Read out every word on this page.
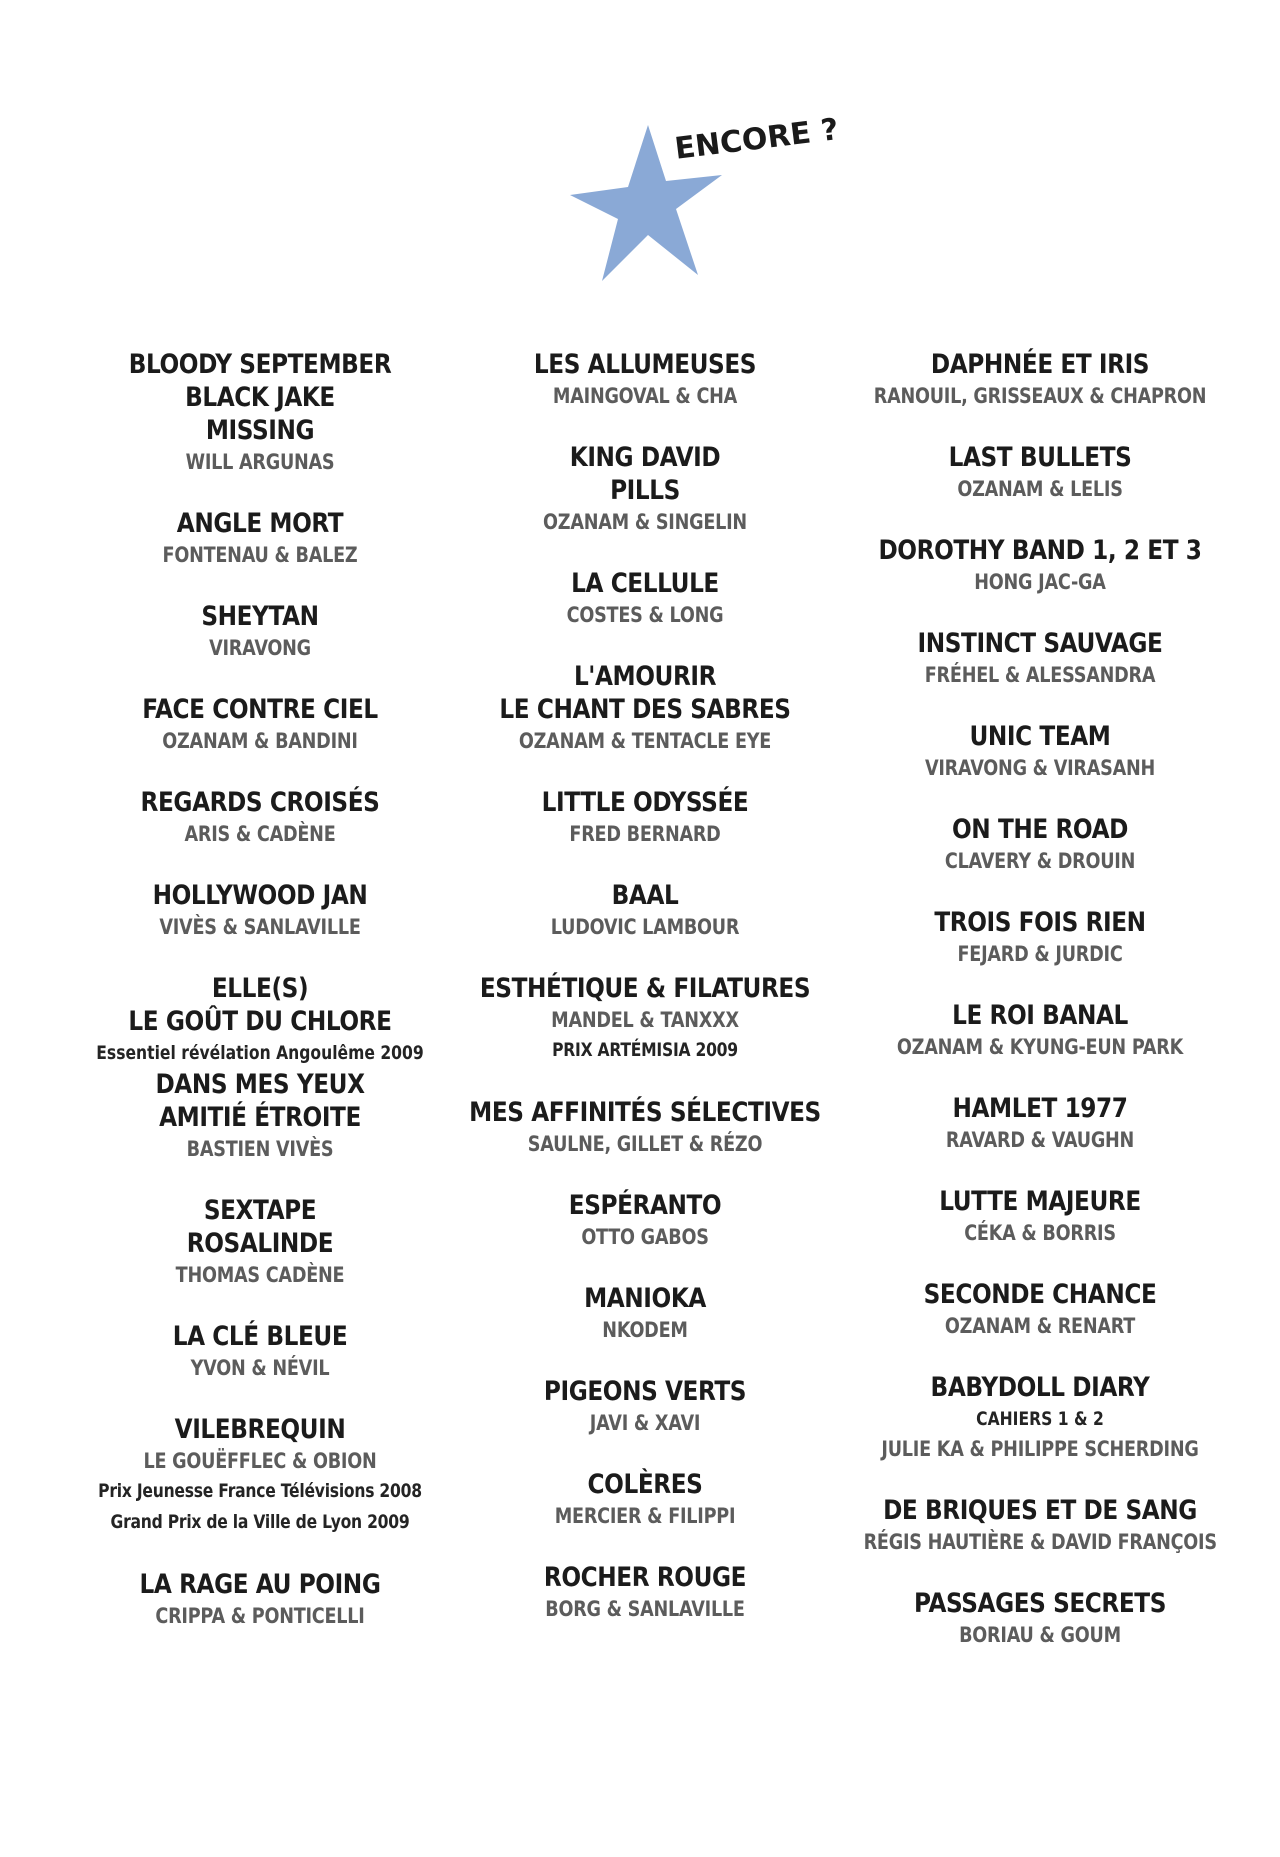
ENCORE ?
BLOODY SEPTEMBER
BLACK JAKE
MISSING
WILL ARGUNAS
ANGLE MORT
FONTENAU & BALEZ
SHEYTAN
VIRAVONG
FACE CONTRE CIEL
OZANAM & BANDINI
REGARDS CROISÉS
ARIS & CADÈNE
HOLLYWOOD JAN
VIVÈS & SANLAVILLE
ELLE(S)
LE GOÛT DU CHLORE
Essentiel révélation Angoulême 2009
DANS MES YEUX
AMITIÉ ÉTROITE
BASTIEN VIVÈS
SEXTAPE
ROSALINDE
THOMAS CADÈNE
LA CLÉ BLEUE
YVON & NÉVIL
VILEBREQUIN
LE GOUËFFLEC & OBION
Prix Jeunesse France Télévisions 2008
Grand Prix de la Ville de Lyon 2009
LA RAGE AU POING
CRIPPA & PONTICELLI
LES ALLUMEUSES
MAINGOVAL & CHA
KING DAVID
PILLS
OZANAM & SINGELIN
LA CELLULE
COSTES & LONG
L'AMOURIR
LE CHANT DES SABRES
OZANAM & TENTACLE EYE
LITTLE ODYSSÉE
FRED BERNARD
BAAL
LUDOVIC LAMBOUR
ESTHÉTIQUE & FILATURES
MANDEL & TANXXX
PRIX ARTÉMISIA 2009
MES AFFINITÉS SÉLECTIVES
SAULNE, GILLET & RÉZO
ESPÉRANTO
OTTO GABOS
MANIOKA
NKODEM
PIGEONS VERTS
JAVI & XAVI
COLÈRES
MERCIER & FILIPPI
ROCHER ROUGE
BORG & SANLAVILLE
DAPHNÉE ET IRIS
RANOUIL, GRISSEAUX & CHAPRON
LAST BULLETS
OZANAM & LELIS
DOROTHY BAND 1, 2 ET 3
HONG JAC-GA
INSTINCT SAUVAGE
FRÉHEL & ALESSANDRA
UNIC TEAM
VIRAVONG & VIRASANH
ON THE ROAD
CLAVERY & DROUIN
TROIS FOIS RIEN
FEJARD & JURDIC
LE ROI BANAL
OZANAM & KYUNG-EUN PARK
HAMLET 1977
RAVARD & VAUGHN
LUTTE MAJEURE
CÉKA & BORRIS
SECONDE CHANCE
OZANAM & RENART
BABYDOLL DIARY
CAHIERS 1 & 2
JULIE KA & PHILIPPE SCHERDING
DE BRIQUES ET DE SANG
RÉGIS HAUTIÈRE & DAVID FRANÇOIS
PASSAGES SECRETS
BORIAU & GOUM
